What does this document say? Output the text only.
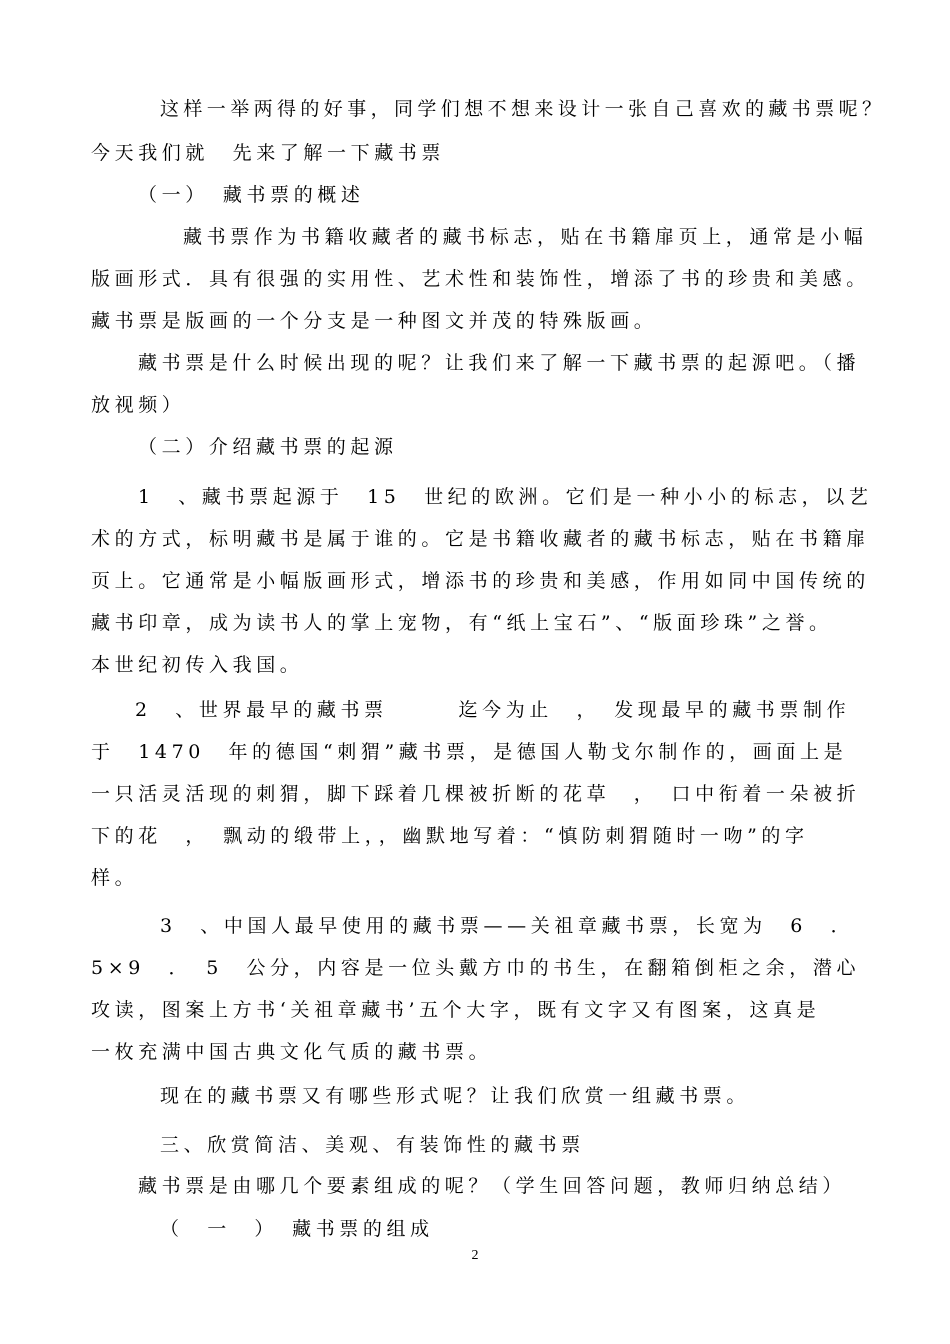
这样一举两得的好事，同学们想不想来设计一张自己喜欢的藏书票呢？
今天我们就　先来了解一下藏书票
（一）　藏书票的概述
藏书票作为书籍收藏者的藏书标志，贴在书籍扉页上，通常是小幅
版画形式．具有很强的实用性、艺术性和装饰性，增添了书的珍贵和美感。
藏书票是版画的一个分支是一种图文并茂的特殊版画。
藏书票是什么时候出现的呢？让我们来了解一下藏书票的起源吧。（播
放视频）
（二）介绍藏书票的起源
1　、藏书票起源于　15　世纪的欧洲。它们是一种小小的标志，以艺
术的方式，标明藏书是属于谁的。它是书籍收藏者的藏书标志，贴在书籍扉
页上。它通常是小幅版画形式，增添书的珍贵和美感，作用如同中国传统的
藏书印章，成为读书人的掌上宠物，有“纸上宝石”、“版面珍珠”之誉。
本世纪初传入我国。
2　、世界最早的藏书票　　　迄今为止　，　发现最早的藏书票制作
于　1470　年的德国“刺猬”藏书票，是德国人勒戈尔制作的，画面上是
一只活灵活现的刺猬，脚下踩着几棵被折断的花草　，　口中衔着一朵被折
下的花　，　飘动的缎带上，，幽默地写着：“慎防刺猬随时一吻”的字
样。
3　、中国人最早使用的藏书票——关祖章藏书票，长宽为　6　．
5×9　．　5　公分，内容是一位头戴方巾的书生，在翻箱倒柜之余，潜心
攻读，图案上方书‘关祖章藏书’五个大字，既有文字又有图案，这真是
一枚充满中国古典文化气质的藏书票。
现在的藏书票又有哪些形式呢？让我们欣赏一组藏书票。
三、欣赏简洁、美观、有装饰性的藏书票
藏书票是由哪几个要素组成的呢？（学生回答问题，教师归纳总结）
（　一　）　藏书票的组成
2
